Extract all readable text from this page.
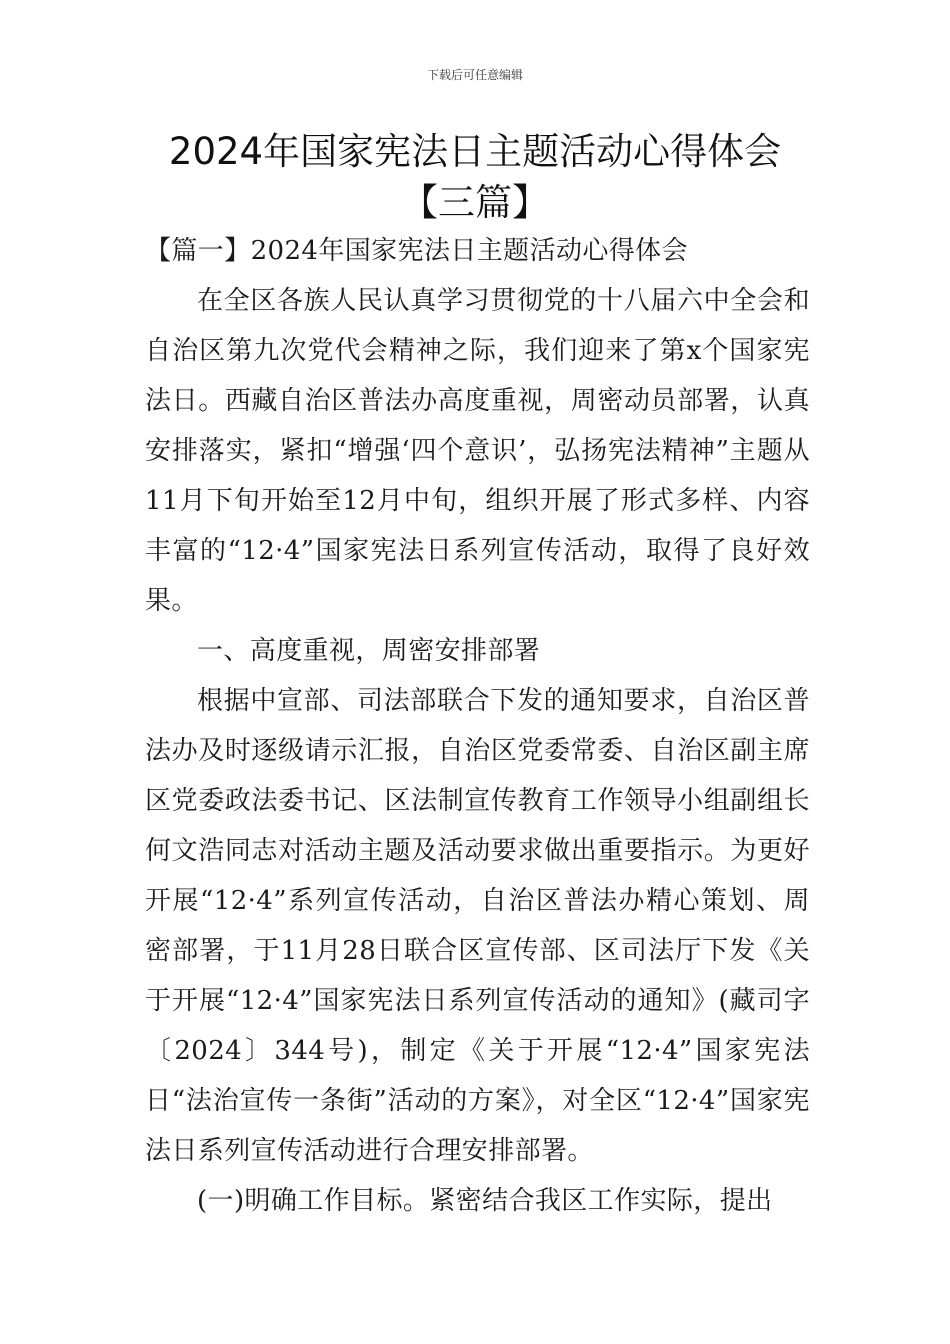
下载后可任意编辑
2024年国家宪法日主题活动心得体会【三篇】

【篇一】2024年国家宪法日主题活动心得体会

在全区各族人民认真学习贯彻党的十八届六中全会和自治区第九次党代会精神之际，我们迎来了第x个国家宪法日。西藏自治区普法办高度重视，周密动员部署，认真安排落实，紧扣“增强‘四个意识’，弘扬宪法精神”主题从11月下旬开始至12月中旬，组织开展了形式多样、内容丰富的“12·4”国家宪法日系列宣传活动，取得了良好效果。

一、高度重视，周密安排部署

根据中宣部、司法部联合下发的通知要求，自治区普法办及时逐级请示汇报，自治区党委常委、自治区副主席区党委政法委书记、区法制宣传教育工作领导小组副组长何文浩同志对活动主题及活动要求做出重要指示。为更好开展“12·4”系列宣传活动，自治区普法办精心策划、周密部署，于11月28日联合区宣传部、区司法厅下发《关于开展“12·4”国家宪法日系列宣传活动的通知》(藏司字〔2024〕344号)，制定《关于开展“12·4”国家宪法日“法治宣传一条街”活动的方案》，对全区“12·4”国家宪法日系列宣传活动进行合理安排部署。

(一)明确工作目标。紧密结合我区工作实际，提出
